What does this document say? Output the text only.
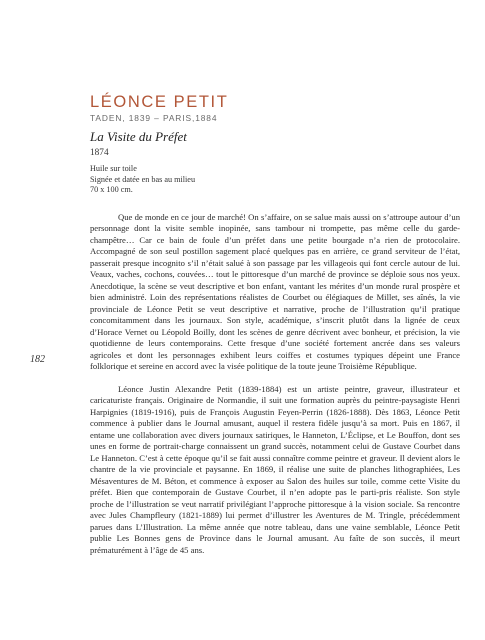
LÉONCE PETIT
TADEN, 1839 – PARIS,1884
La Visite du Préfet
1874
Huile sur toile
Signée et datée en bas au milieu
70 x 100 cm.

Que de monde en ce jour de marché! On s’affaire, on se salue mais aussi on s’attroupe autour d’un personnage dont la visite semble inopinée, sans tambour ni trompette, pas même celle du garde-champêtre… Car ce bain de foule d’un préfet dans une petite bourgade n’a rien de protocolaire. Accompagné de son seul postillon sagement placé quelques pas en arrière, ce grand serviteur de l’état, passerait presque incognito s’il n’était salué à son passage par les villageois qui font cercle autour de lui. Veaux, vaches, cochons, couvées… tout le pittoresque d’un marché de province se déploie sous nos yeux. Anecdotique, la scène se veut descriptive et bon enfant, vantant les mérites d’un monde rural prospère et bien administré. Loin des représentations réalistes de Courbet ou élégiaques de Millet, ses aînés, la vie provinciale de Léonce Petit se veut descriptive et narrative, proche de l’illustration qu’il pratique concomitamment dans les journaux. Son style, académique, s’inscrit plutôt dans la lignée de ceux d’Horace Vernet ou Léopold Boilly, dont les scènes de genre décrivent avec bonheur, et précision, la vie quotidienne de leurs contemporains. Cette fresque d’une société fortement ancrée dans ses valeurs agricoles et dont les personnages exhibent leurs coiffes et costumes typiques dépeint une France folklorique et sereine en accord avec la visée politique de la toute jeune Troisième République.

Léonce Justin Alexandre Petit (1839-1884) est un artiste peintre, graveur, illustrateur et caricaturiste français. Originaire de Normandie, il suit une formation auprès du peintre-paysagiste Henri Harpignies (1819-1916), puis de François Augustin Feyen-Perrin (1826-1888). Dès 1863, Léonce Petit commence à publier dans le Journal amusant, auquel il restera fidèle jusqu’à sa mort. Puis en 1867, il entame une collaboration avec divers journaux satiriques, le Hanneton, L’Éclipse, et Le Bouffon, dont ses unes en forme de portrait-charge connaissent un grand succès, notamment celui de Gustave Courbet dans Le Hanneton. C’est à cette époque qu’il se fait aussi connaître comme peintre et graveur. Il devient alors le chantre de la vie provinciale et paysanne. En 1869, il réalise une suite de planches lithographiées, Les Mésaventures de M. Béton, et commence à exposer au Salon des huiles sur toile, comme cette Visite du préfet. Bien que contemporain de Gustave Courbet, il n’en adopte pas le parti-pris réaliste. Son style proche de l’illustration se veut narratif privilégiant l’approche pittoresque à la vision sociale. Sa rencontre avec Jules Champfleury (1821-1889) lui permet d’illustrer les Aventures de M. Tringle, précédemment parues dans L’Illustration. La même année que notre tableau, dans une vaine semblable, Léonce Petit publie Les Bonnes gens de Province dans le Journal amusant. Au faîte de son succès, il meurt prématurément à l’âge de 45 ans.

182
